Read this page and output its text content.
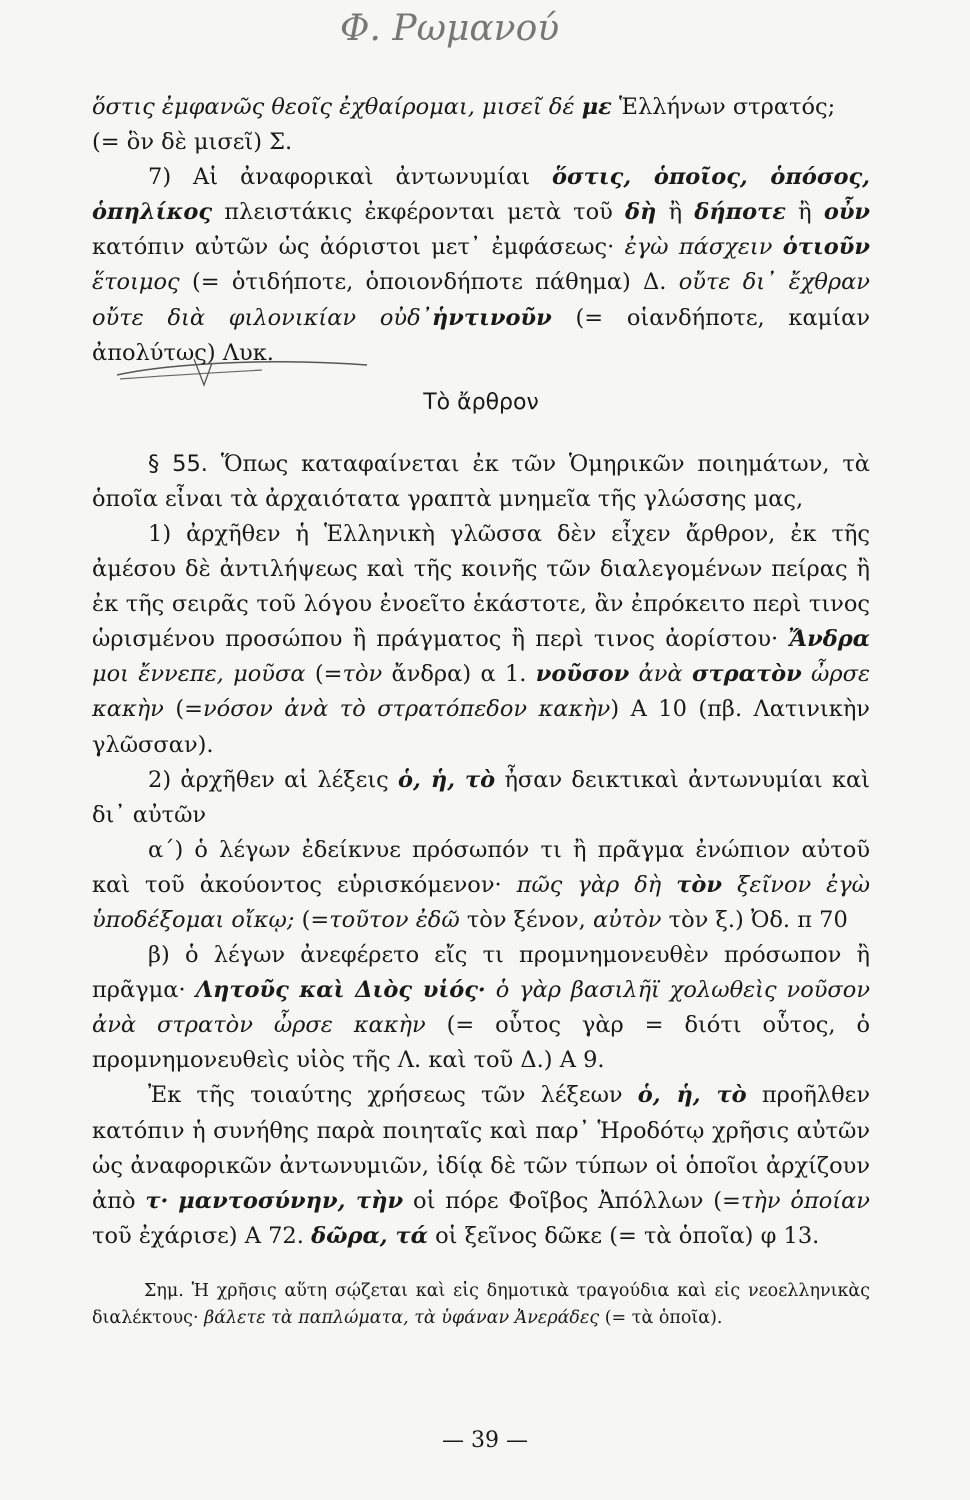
Φ. Ρωμανού

ὅστις ἐμφανῶς θεοῖς ἐχθαίρομαι, μισεῖ δέ με Ἑλλήνων στρατός;
(= ὃν δὲ μισεῖ) Σ.

7) Αἱ ἀναφορικαὶ ἀντωνυμίαι ὅστις, ὁποῖος, ὁπόσος, ὁπηλίκος πλειστάκις ἐκφέρονται μετὰ τοῦ δὴ ἢ δήποτε ἢ οὖν κατόπιν αὐτῶν ὡς ἀόριστοι μετ᾽ ἐμφάσεως· ἐγὼ πάσχειν ὁτιοῦν ἕτοιμος (= ὁτιδήποτε, ὁποιονδήποτε πάθημα) Δ. οὔτε δι᾽ ἔχθραν οὔτε διὰ φιλονικίαν οὐδ᾽ἡντινοῦν (= οἱανδήποτε, καμίαν ἀπολύτως) Λυκ.

Τὸ ἄρθρον

§ 55. Ὅπως καταφαίνεται ἐκ τῶν Ὁμηρικῶν ποιημάτων, τὰ ὁποῖα εἶναι τὰ ἀρχαιότατα γραπτὰ μνημεῖα τῆς γλώσσης μας,

1) ἀρχῆθεν ἡ Ἑλληνικὴ γλῶσσα δὲν εἶχεν ἄρθρον, ἐκ τῆς ἀμέσου δὲ ἀντιλήψεως καὶ τῆς κοινῆς τῶν διαλεγομένων πείρας ἢ ἐκ τῆς σειρᾶς τοῦ λόγου ἐνοεῖτο ἑκάστοτε, ἂν ἐπρόκειτο περὶ τινος ὡρισμένου προσώπου ἢ πράγματος ἢ περὶ τινος ἀορίστου· Ἄνδρα μοι ἔννεπε, μοῦσα (=τὸν ἄνδρα) α 1. νοῦσον ἀνὰ στρατὸν ὦρσε κακὴν (=νόσον ἀνὰ τὸ στρατόπεδον κακὴν) Α 10 (πβ. Λατινικὴν γλῶσσαν).

2) ἀρχῆθεν αἱ λέξεις ὁ, ἡ, τὸ ἦσαν δεικτικαὶ ἀντωνυμίαι καὶ δι᾽ αὐτῶν

α΄) ὁ λέγων ἐδείκνυε πρόσωπόν τι ἢ πρᾶγμα ἐνώπιον αὐτοῦ καὶ τοῦ ἀκούοντος εὑρισκόμενον· πῶς γὰρ δὴ τὸν ξεῖνον ἐγὼ ὑποδέξομαι οἴκῳ; (=τοῦτον ἐδῶ τὸν ξένον, αὐτὸν τὸν ξ.) Ὀδ. π 70

β) ὁ λέγων ἀνεφέρετο εἴς τι προμνημονευθὲν πρόσωπον ἢ πρᾶγμα· Λητοῦς καὶ Διὸς υἱός· ὁ γὰρ βασιλῆϊ χολωθεὶς νοῦσον ἀνὰ στρατὸν ὦρσε κακὴν (= οὗτος γὰρ = διότι οὗτος, ὁ προμνημονευθεὶς υἱὸς τῆς Λ. καὶ τοῦ Δ.) Α 9.

Ἐκ τῆς τοιαύτης χρήσεως τῶν λέξεων ὁ, ἡ, τὸ προῆλθεν κατόπιν ἡ συνήθης παρὰ ποιηταῖς καὶ παρ᾽ Ἡροδότῳ χρῆσις αὐτῶν ὡς ἀναφορικῶν ἀντωνυμιῶν, ἰδίᾳ δὲ τῶν τύπων οἱ ὁποῖοι ἀρχίζουν ἀπὸ τ· μαντοσύνην, τὴν οἱ πόρε Φοῖβος Ἀπόλλων (=τὴν ὁποίαν τοῦ ἐχάρισε) Α 72. δῶρα, τά οἱ ξεῖνος δῶκε (= τὰ ὁποῖα) φ 13.

Σημ. Ἡ χρῆσις αὕτη σῴζεται καὶ εἰς δημοτικὰ τραγούδια καὶ εἰς νεοελληνικὰς διαλέκτους· βάλετε τὰ παπλώματα, τὰ ὑφάναν Ἀνεράδες (= τὰ ὁποῖα).

— 39 —
